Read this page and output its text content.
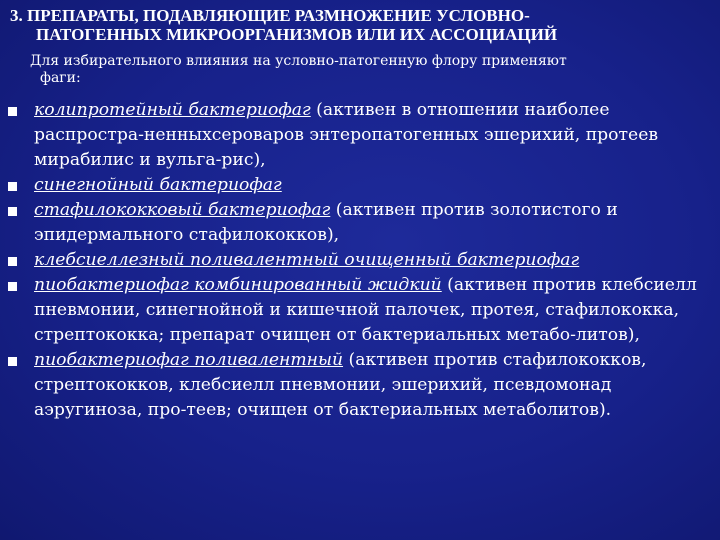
3. ПРЕПАРАТЫ, ПОДАВЛЯЮЩИЕ РАЗМНОЖЕНИЕ УСЛОВНО-
ПАТОГЕННЫХ МИКРООРГАНИЗМОВ ИЛИ ИХ АССОЦИАЦИЙ
Для избирательного влияния на условно-патогенную флору применяют
фаги:
колипротейный бактериофаг (активен в отношении наиболее распростра-ненныхсероваров энтеропатогенных эшерихий, протеев мирабилис и вульга-рис),
синегнойный бактериофаг
стафилококковый бактериофаг (активен против золотистого и эпидермального стафилококков),
клебсиеллезный поливалентный очищенный бактериофаг
пиобактериофаг комбинированный жидкий (активен против клебсиелл пневмонии, синегнойной и кишечной палочек, протея, стафилококка, стрептококка; препарат очищен от бактериальных метабо-литов),
пиобактериофаг поливалентный (активен против стафилококков, стрептококков, клебсиелл пневмонии, эшерихий, псевдомонад аэругиноза, про-теев; очищен от бактериальных метаболитов).
